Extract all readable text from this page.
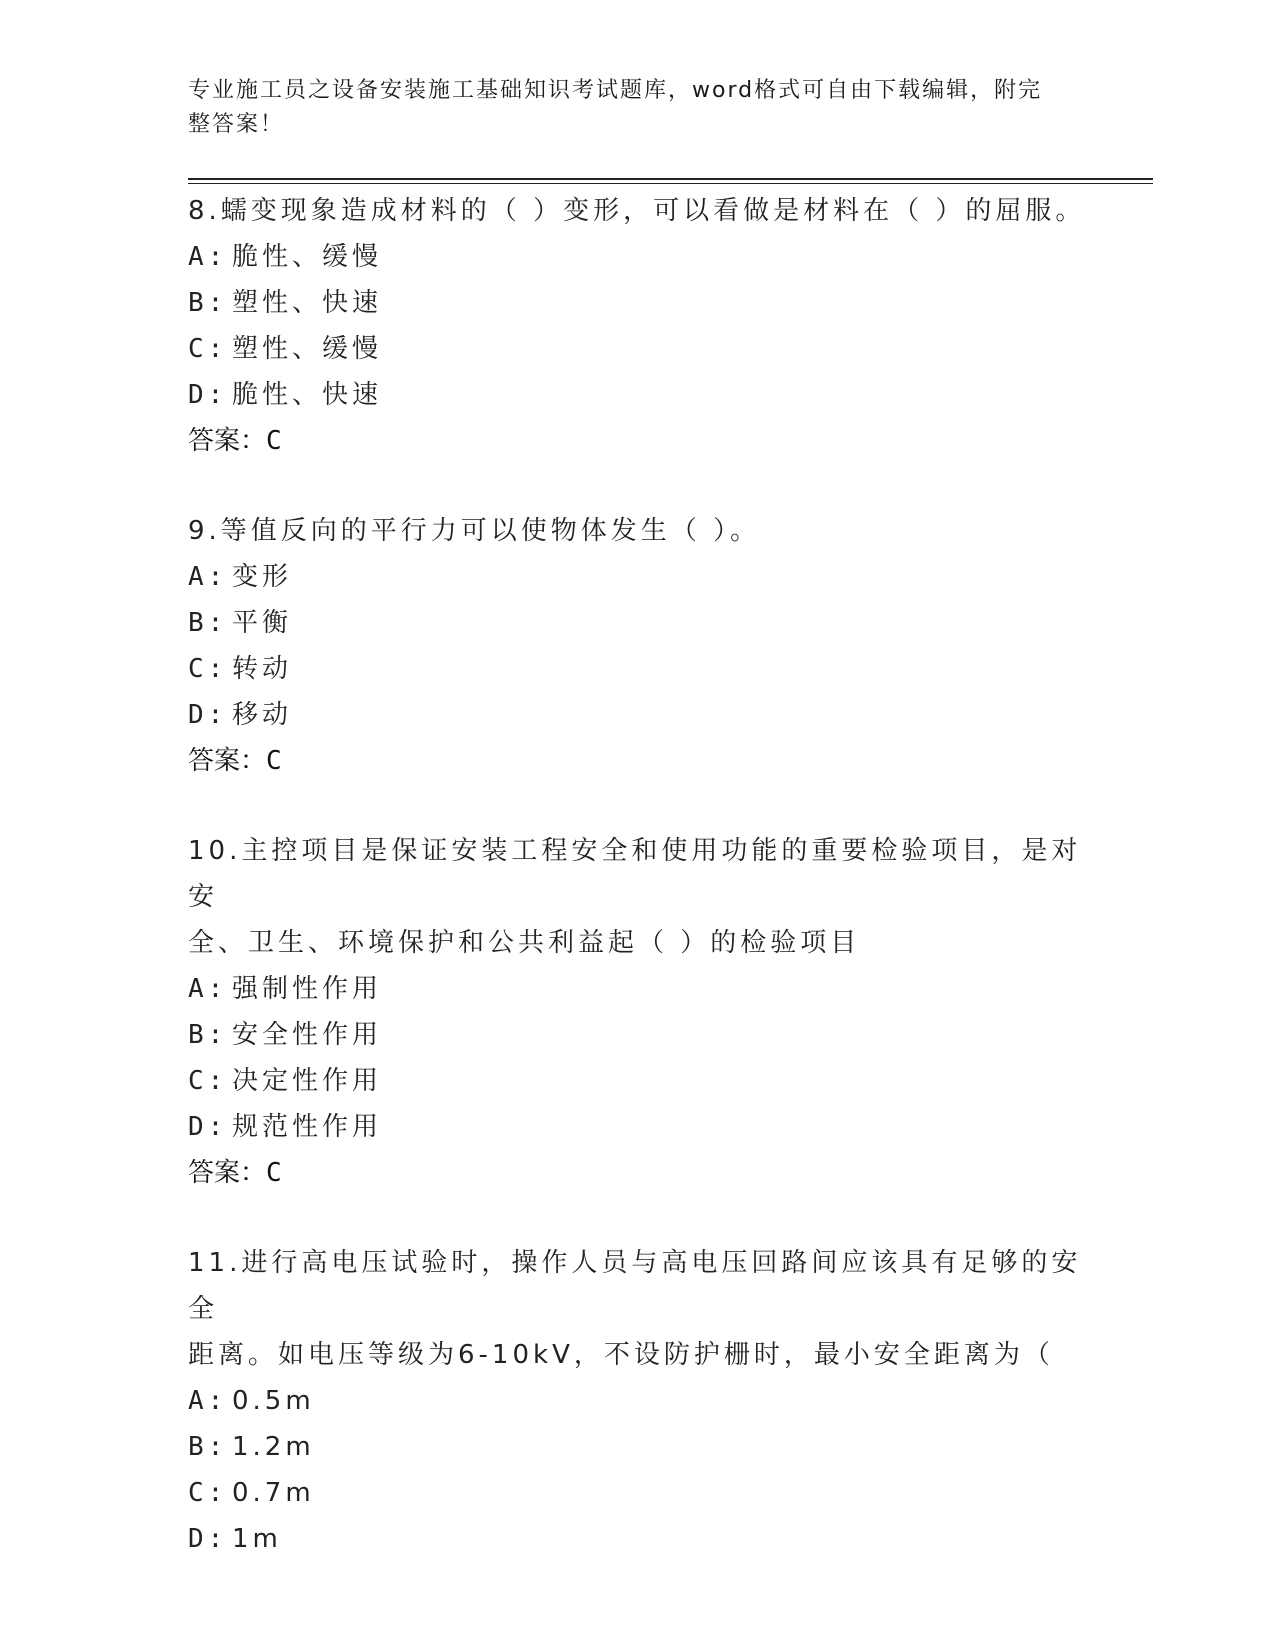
专业施工员之设备安装施工基础知识考试题库，word格式可自由下载编辑，附完
整答案！
8.蠕变现象造成材料的（ ）变形，可以看做是材料在（ ）的屈服。
A: 脆性、缓慢
B: 塑性、快速
C: 塑性、缓慢
D: 脆性、快速
答案：C
9.等值反向的平行力可以使物体发生（ ）。
A: 变形
B: 平衡
C: 转动
D: 移动
答案：C
10.主控项目是保证安装工程安全和使用功能的重要检验项目，是对安
全、卫生、环境保护和公共利益起（ ）的检验项目
A: 强制性作用
B: 安全性作用
C: 决定性作用
D: 规范性作用
答案：C
11.进行高电压试验时，操作人员与高电压回路间应该具有足够的安全
距离。如电压等级为6-10kV，不设防护栅时，最小安全距离为（
A: 0.5m
B: 1.2m
C: 0.7m
D: 1m
